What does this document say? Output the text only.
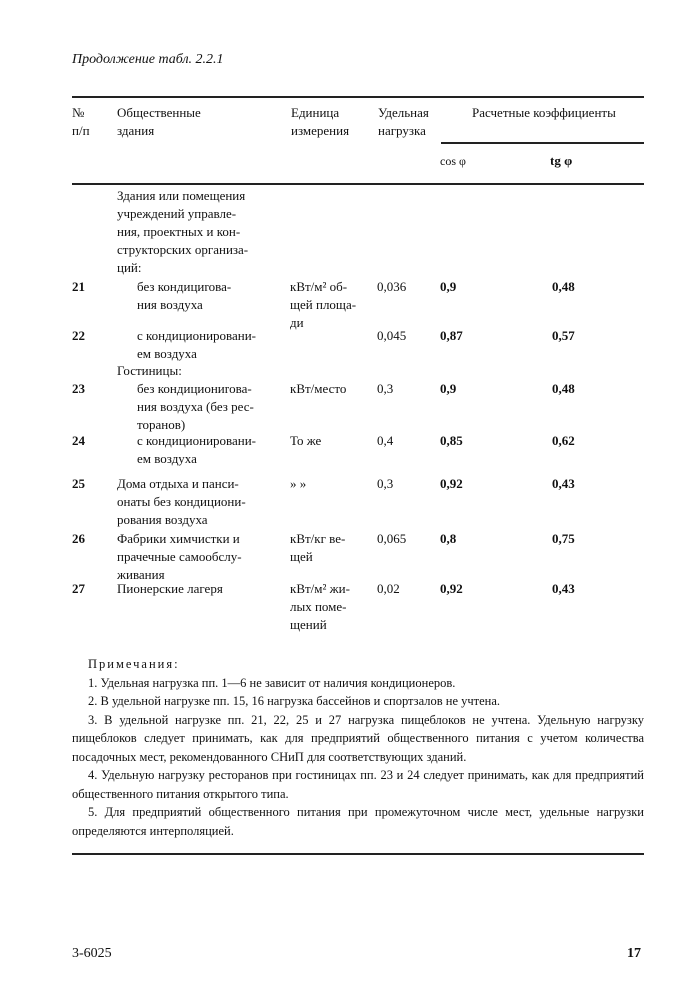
Продолжение табл. 2.2.1
№
п/п
Общественные
здания
Единица
измерения
Удельная
нагрузка
Расчетные коэффициенты
cos φ	tg φ
Здания или помещения
учреждений управле-
ния, проектных и кон-
структорских организа-
ций:
Гостиницы:
21	без кондициrова-
ния воздуха
кВт/м² об-
щей площа-
ди
0,036	0,9	0,48
22	с кондиционировани-
ем воздуха
0,045	0,87	0,57
23	без кондициониrова-
ния воздуха (без рес-
торанов)
кВт/место 0,3	0,9	0,48
24	с кондиционировани-
ем воздуха
То же	0,4	0,85	0,62
25 Дома отдыха и панси-
онаты без кондициони-
рования воздуха
» »	0,3	0,92	0,43
26 Фабрики химчистки и
прачечные самообслу-
живания
кВт/кг ве-
щей
0,065	0,8	0,75
27 Пионерские лагеря	кВт/м² жи-
лых поме-
щений
0,02	0,92	0,43

Примечания:

1. Удельная нагрузка пп. 1—6 не зависит от наличия кондиционеров.

2. В удельной нагрузке пп. 15, 16 нагрузка бассейнов и спортзалов не учтена.

3. В удельной нагрузке пп. 21, 22, 25 и 27 нагрузка пищеблоков не учтена. Удельную нагрузку пищеблоков следует принимать, как для предприятий общественного питания с учетом количества посадочных мест, рекомендованного СНиП для соответствующих зданий.

4. Удельную нагрузку ресторанов при гостиницах пп. 23 и 24 следует принимать, как для предприятий общественного питания открытого типа.

5. Для предприятий общественного питания при промежуточном числе мест, удельные нагрузки определяются интерполяцией.

3-6025	17
